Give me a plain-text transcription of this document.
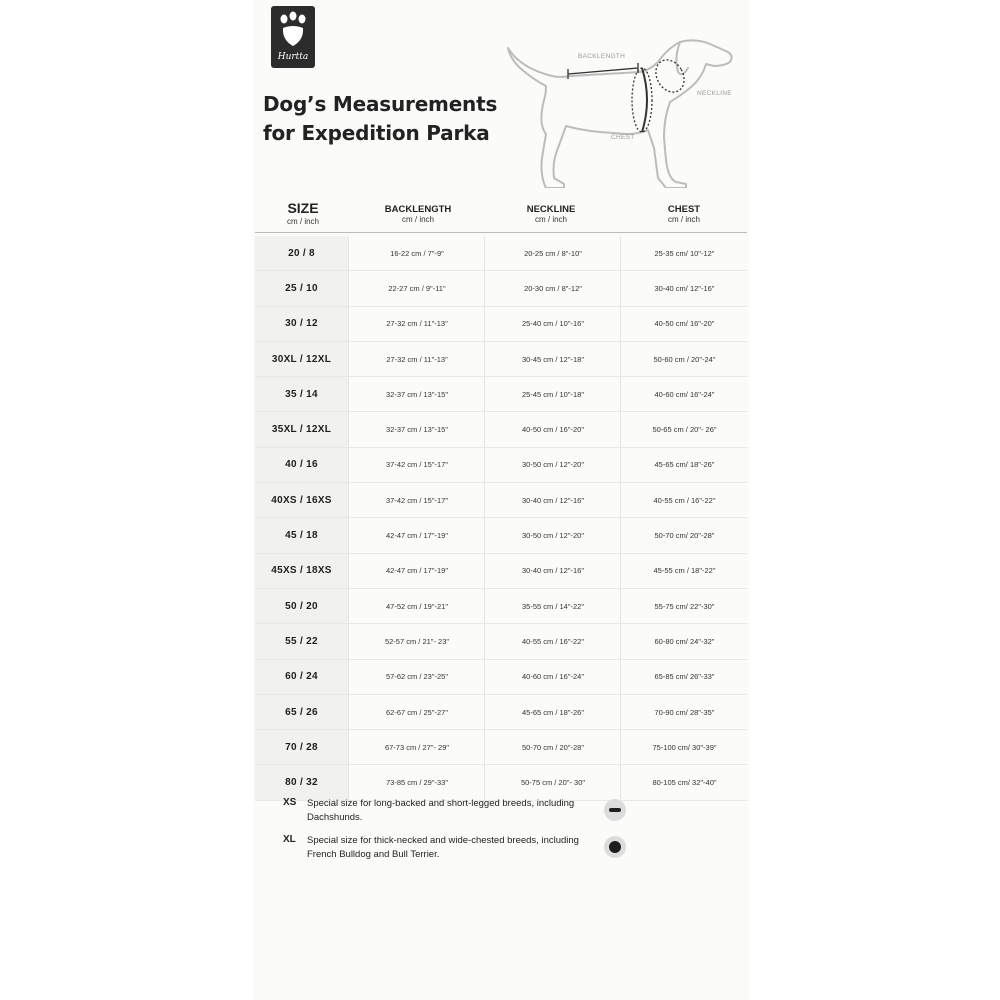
Hurtta
Dog’s Measurements
for Expedition Parka
BACKLENGTH
NECKLINE
CHEST
SIZE
cm / inch
BACKLENGTH
cm / inch
NECKLINE
cm / inch
CHEST
cm / inch
20 / 8	16-22 cm / 7"-9"	20-25 cm / 8"-10"	25-35 cm/ 10"-12"
25 / 10	22-27 cm / 9"-11"	20-30 cm / 8"-12"	30-40 cm/ 12"-16"
30 / 12	27-32 cm / 11"-13"	25-40 cm / 10"-16"	40-50 cm/ 16"-20"
30XL / 12XL	27-32 cm / 11"-13"	30-45 cm / 12"-18"	50-60 cm / 20"-24"
35 / 14	32-37 cm / 13"-15"	25-45 cm / 10"-18"	40-60 cm/ 16"-24"
35XL / 12XL	32-37 cm / 13"-15"	40-50 cm / 16"-20"	50-65 cm / 20"- 26"
40 / 16	37-42 cm / 15"-17"	30-50 cm / 12"-20"	45-65 cm/ 18"-26"
40XS / 16XS	37-42 cm / 15"-17"	30-40 cm / 12"-16"	40-55 cm / 16"-22"
45 / 18	42-47 cm / 17"-19"	30-50 cm / 12"-20"	50-70 cm/ 20"-28"
45XS / 18XS	42-47 cm / 17"-19"	30-40 cm / 12"-16"	45-55 cm / 18"-22"
50 / 20	47-52 cm / 19"-21"	35-55 cm / 14"-22"	55-75 cm/ 22"-30"
55 / 22	52-57 cm / 21"- 23"	40-55 cm / 16"-22"	60-80 cm/ 24"-32"
60 / 24	57-62 cm / 23"-25"	40-60 cm / 16"-24"	65-85 cm/ 26"-33"
65 / 26	62-67 cm / 25"-27"	45-65 cm / 18"-26"	70-90 cm/ 28"-35"
70 / 28	67-73 cm / 27"- 29"	50-70 cm / 20"-28"	75-100 cm/ 30"-39"
80 / 32	73-85 cm / 29"-33"	50-75 cm / 20"- 30"	80-105 cm/ 32"-40"
XS Special size for long-backed and short-legged breeds, including Dachshunds.
XL Special size for thick-necked and wide-chested breeds, including French Bulldog and Bull Terrier.
